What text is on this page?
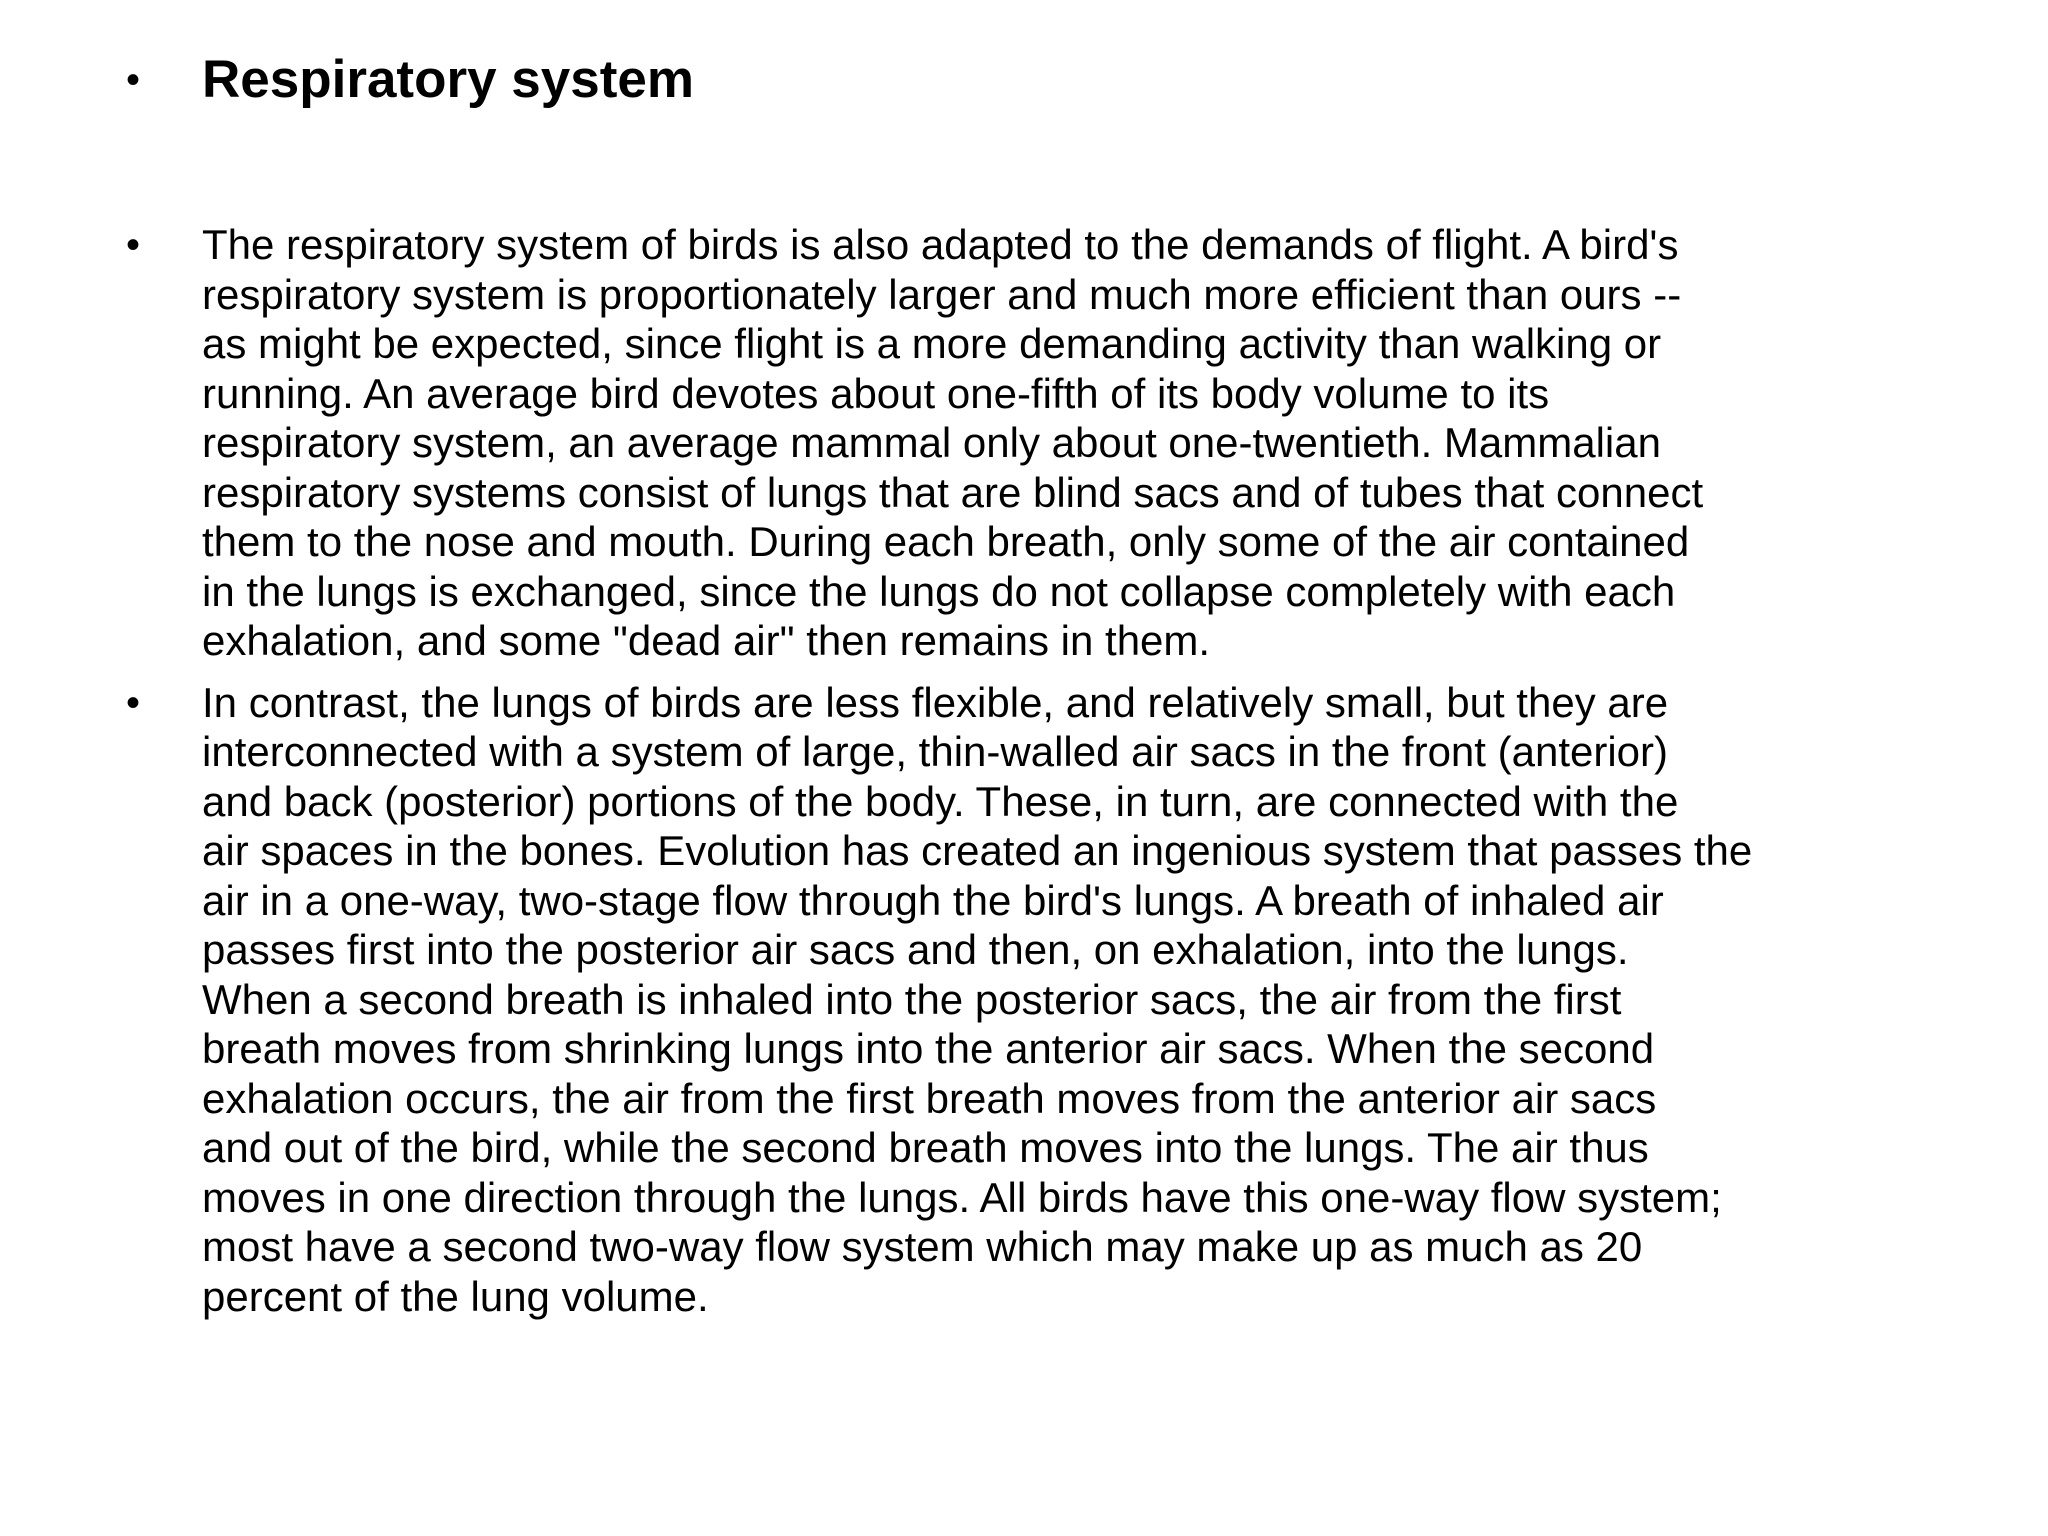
• Respiratory system
• The respiratory system of birds is also adapted to the demands of flight. A bird's
respiratory system is proportionately larger and much more efficient than ours --
as might be expected, since flight is a more demanding activity than walking or
running. An average bird devotes about one-fifth of its body volume to its
respiratory system, an average mammal only about one-twentieth. Mammalian
respiratory systems consist of lungs that are blind sacs and of tubes that connect
them to the nose and mouth. During each breath, only some of the air contained
in the lungs is exchanged, since the lungs do not collapse completely with each
exhalation, and some "dead air" then remains in them.
• In contrast, the lungs of birds are less flexible, and relatively small, but they are
interconnected with a system of large, thin-walled air sacs in the front (anterior)
and back (posterior) portions of the body. These, in turn, are connected with the
air spaces in the bones. Evolution has created an ingenious system that passes the
air in a one-way, two-stage flow through the bird's lungs. A breath of inhaled air
passes first into the posterior air sacs and then, on exhalation, into the lungs.
When a second breath is inhaled into the posterior sacs, the air from the first
breath moves from shrinking lungs into the anterior air sacs. When the second
exhalation occurs, the air from the first breath moves from the anterior air sacs
and out of the bird, while the second breath moves into the lungs. The air thus
moves in one direction through the lungs. All birds have this one-way flow system;
most have a second two-way flow system which may make up as much as 20
percent of the lung volume.
